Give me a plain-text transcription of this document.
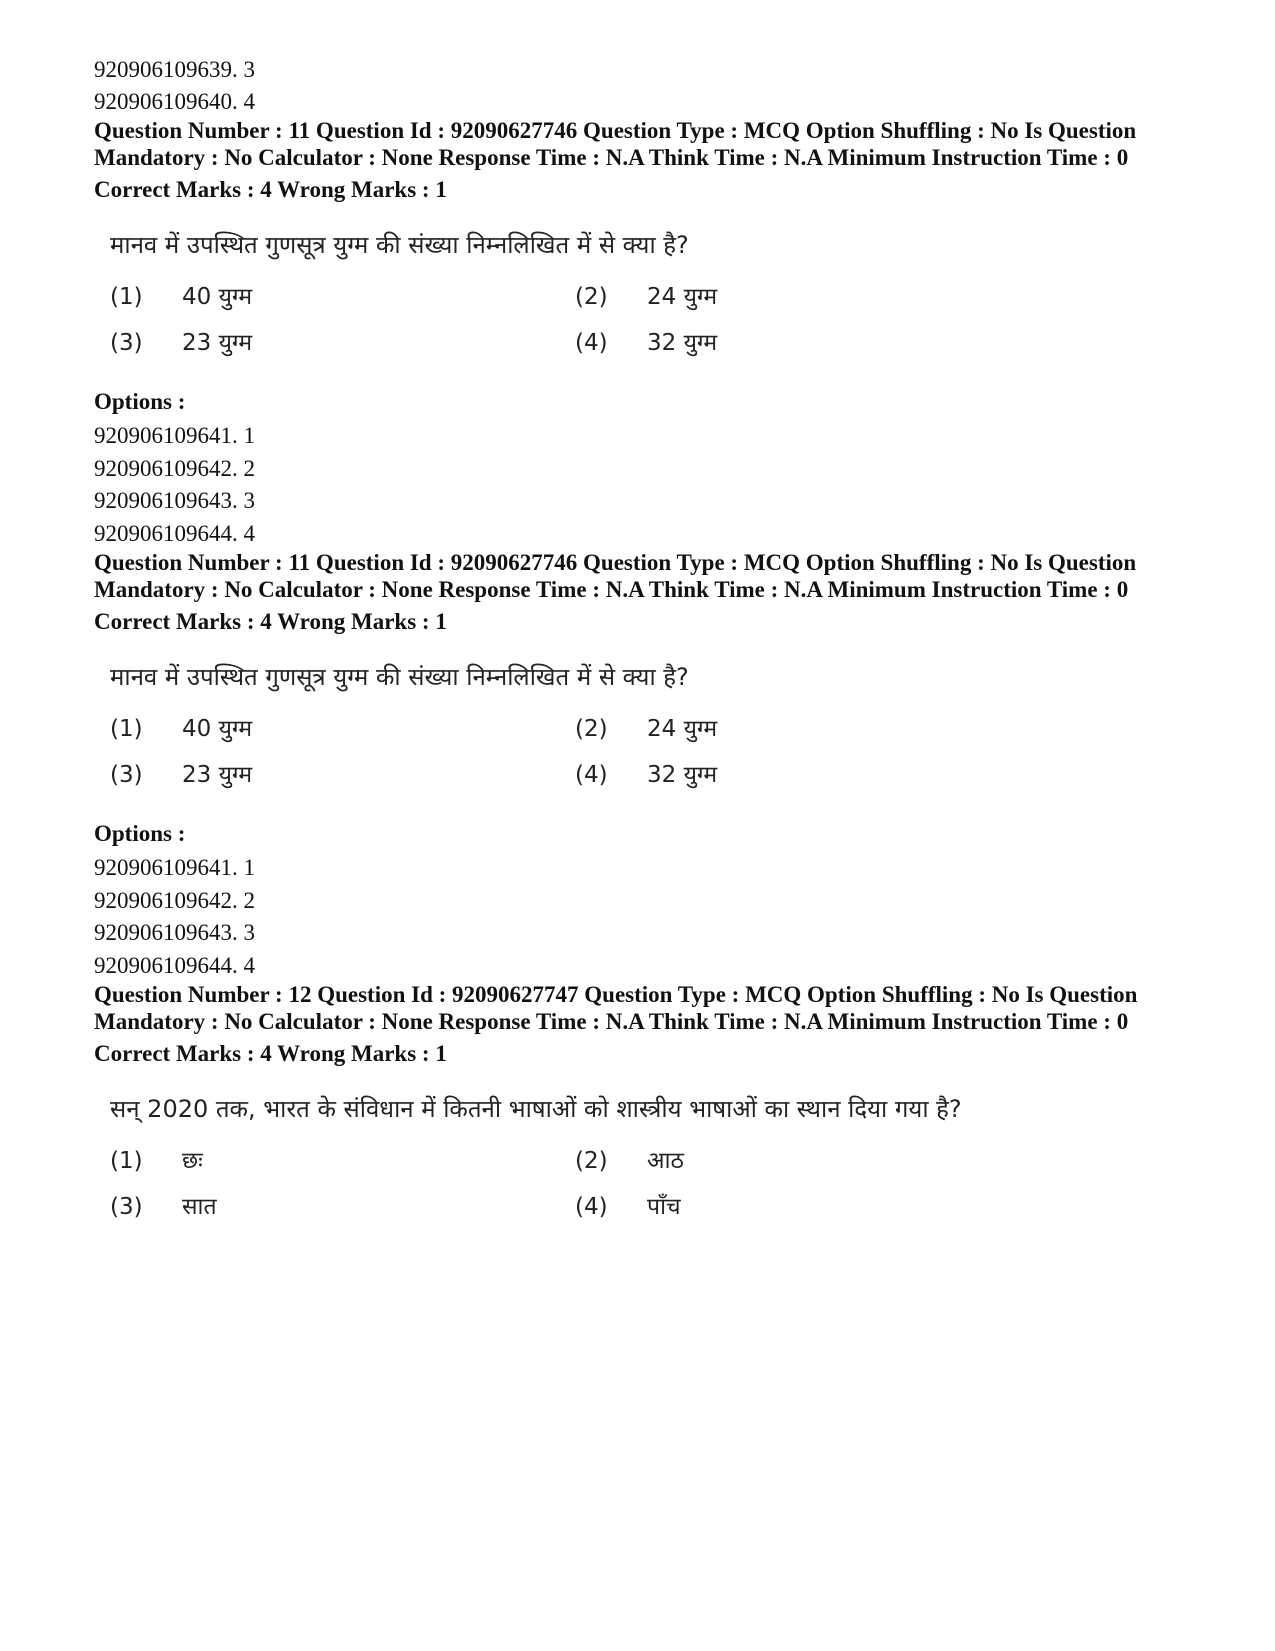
920906109639. 3

920906109640. 4

Question Number : 11 Question Id : 92090627746 Question Type : MCQ Option Shuffling : No Is Question Mandatory : No Calculator : None Response Time : N.A Think Time : N.A Minimum Instruction Time : 0

Correct Marks : 4 Wrong Marks : 1

मानव में उपस्थित गुणसूत्र युग्म की संख्या निम्नलिखित में से क्या है?

(1)	40 युग्म	(2)	24 युग्म
(3)	23 युग्म	(4)	32 युग्म

Options :

920906109641. 1

920906109642. 2

920906109643. 3

920906109644. 4

Question Number : 11 Question Id : 92090627746 Question Type : MCQ Option Shuffling : No Is Question Mandatory : No Calculator : None Response Time : N.A Think Time : N.A Minimum Instruction Time : 0

Correct Marks : 4 Wrong Marks : 1

मानव में उपस्थित गुणसूत्र युग्म की संख्या निम्नलिखित में से क्या है?

(1)	40 युग्म	(2)	24 युग्म
(3)	23 युग्म	(4)	32 युग्म

Options :

920906109641. 1

920906109642. 2

920906109643. 3

920906109644. 4

Question Number : 12 Question Id : 92090627747 Question Type : MCQ Option Shuffling : No Is Question Mandatory : No Calculator : None Response Time : N.A Think Time : N.A Minimum Instruction Time : 0

Correct Marks : 4 Wrong Marks : 1

सन् 2020 तक, भारत के संविधान में कितनी भाषाओं को शास्त्रीय भाषाओं का स्थान दिया गया है?

(1)	छः	(2)	आठ
(3)	सात	(4)	पाँच
